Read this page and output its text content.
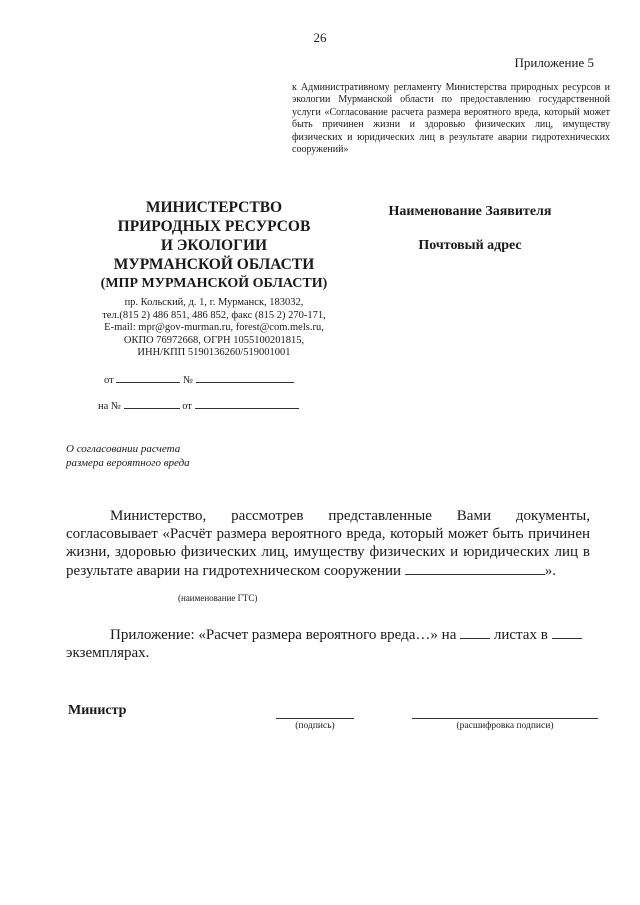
26
Приложение 5
к Административному регламенту Министерства природных ресурсов и экологии Мурманской области по предоставлению государственной услуги «Согласование расчета размера вероятного вреда, который может быть причинен жизни и здоровью физических лиц, имуществу физических и юридических лиц в результате аварии гидротехнических сооружений»
МИНИСТЕРСТВО
ПРИРОДНЫХ РЕСУРСОВ
И ЭКОЛОГИИ
МУРМАНСКОЙ ОБЛАСТИ
(МПР МУРМАНСКОЙ ОБЛАСТИ)
пр. Кольский, д. 1, г. Мурманск, 183032,
тел.(815 2) 486 851, 486 852, факс (815 2) 270-171,
E-mail: mpr@gov-murman.ru, forest@com.mels.ru,
ОКПО 76972668, ОГРН 1055100201815,
ИНН/КПП 5190136260/519001001
от	№
на №	от
Наименование Заявителя
Почтовый адрес
О согласовании расчета
размера вероятного вреда
Министерство, рассмотрев представленные Вами документы, согласовывает «Расчёт размера вероятного вреда, который может быть причинен жизни, здоровью физических лиц, имуществу физических и юридических лиц в результате аварии на гидротехническом сооружении	».
(наименование ГТС)
Приложение: «Расчет размера вероятного вреда…» на	листах в  экземплярах.
Министр
(подпись)	(расшифровка подписи)
